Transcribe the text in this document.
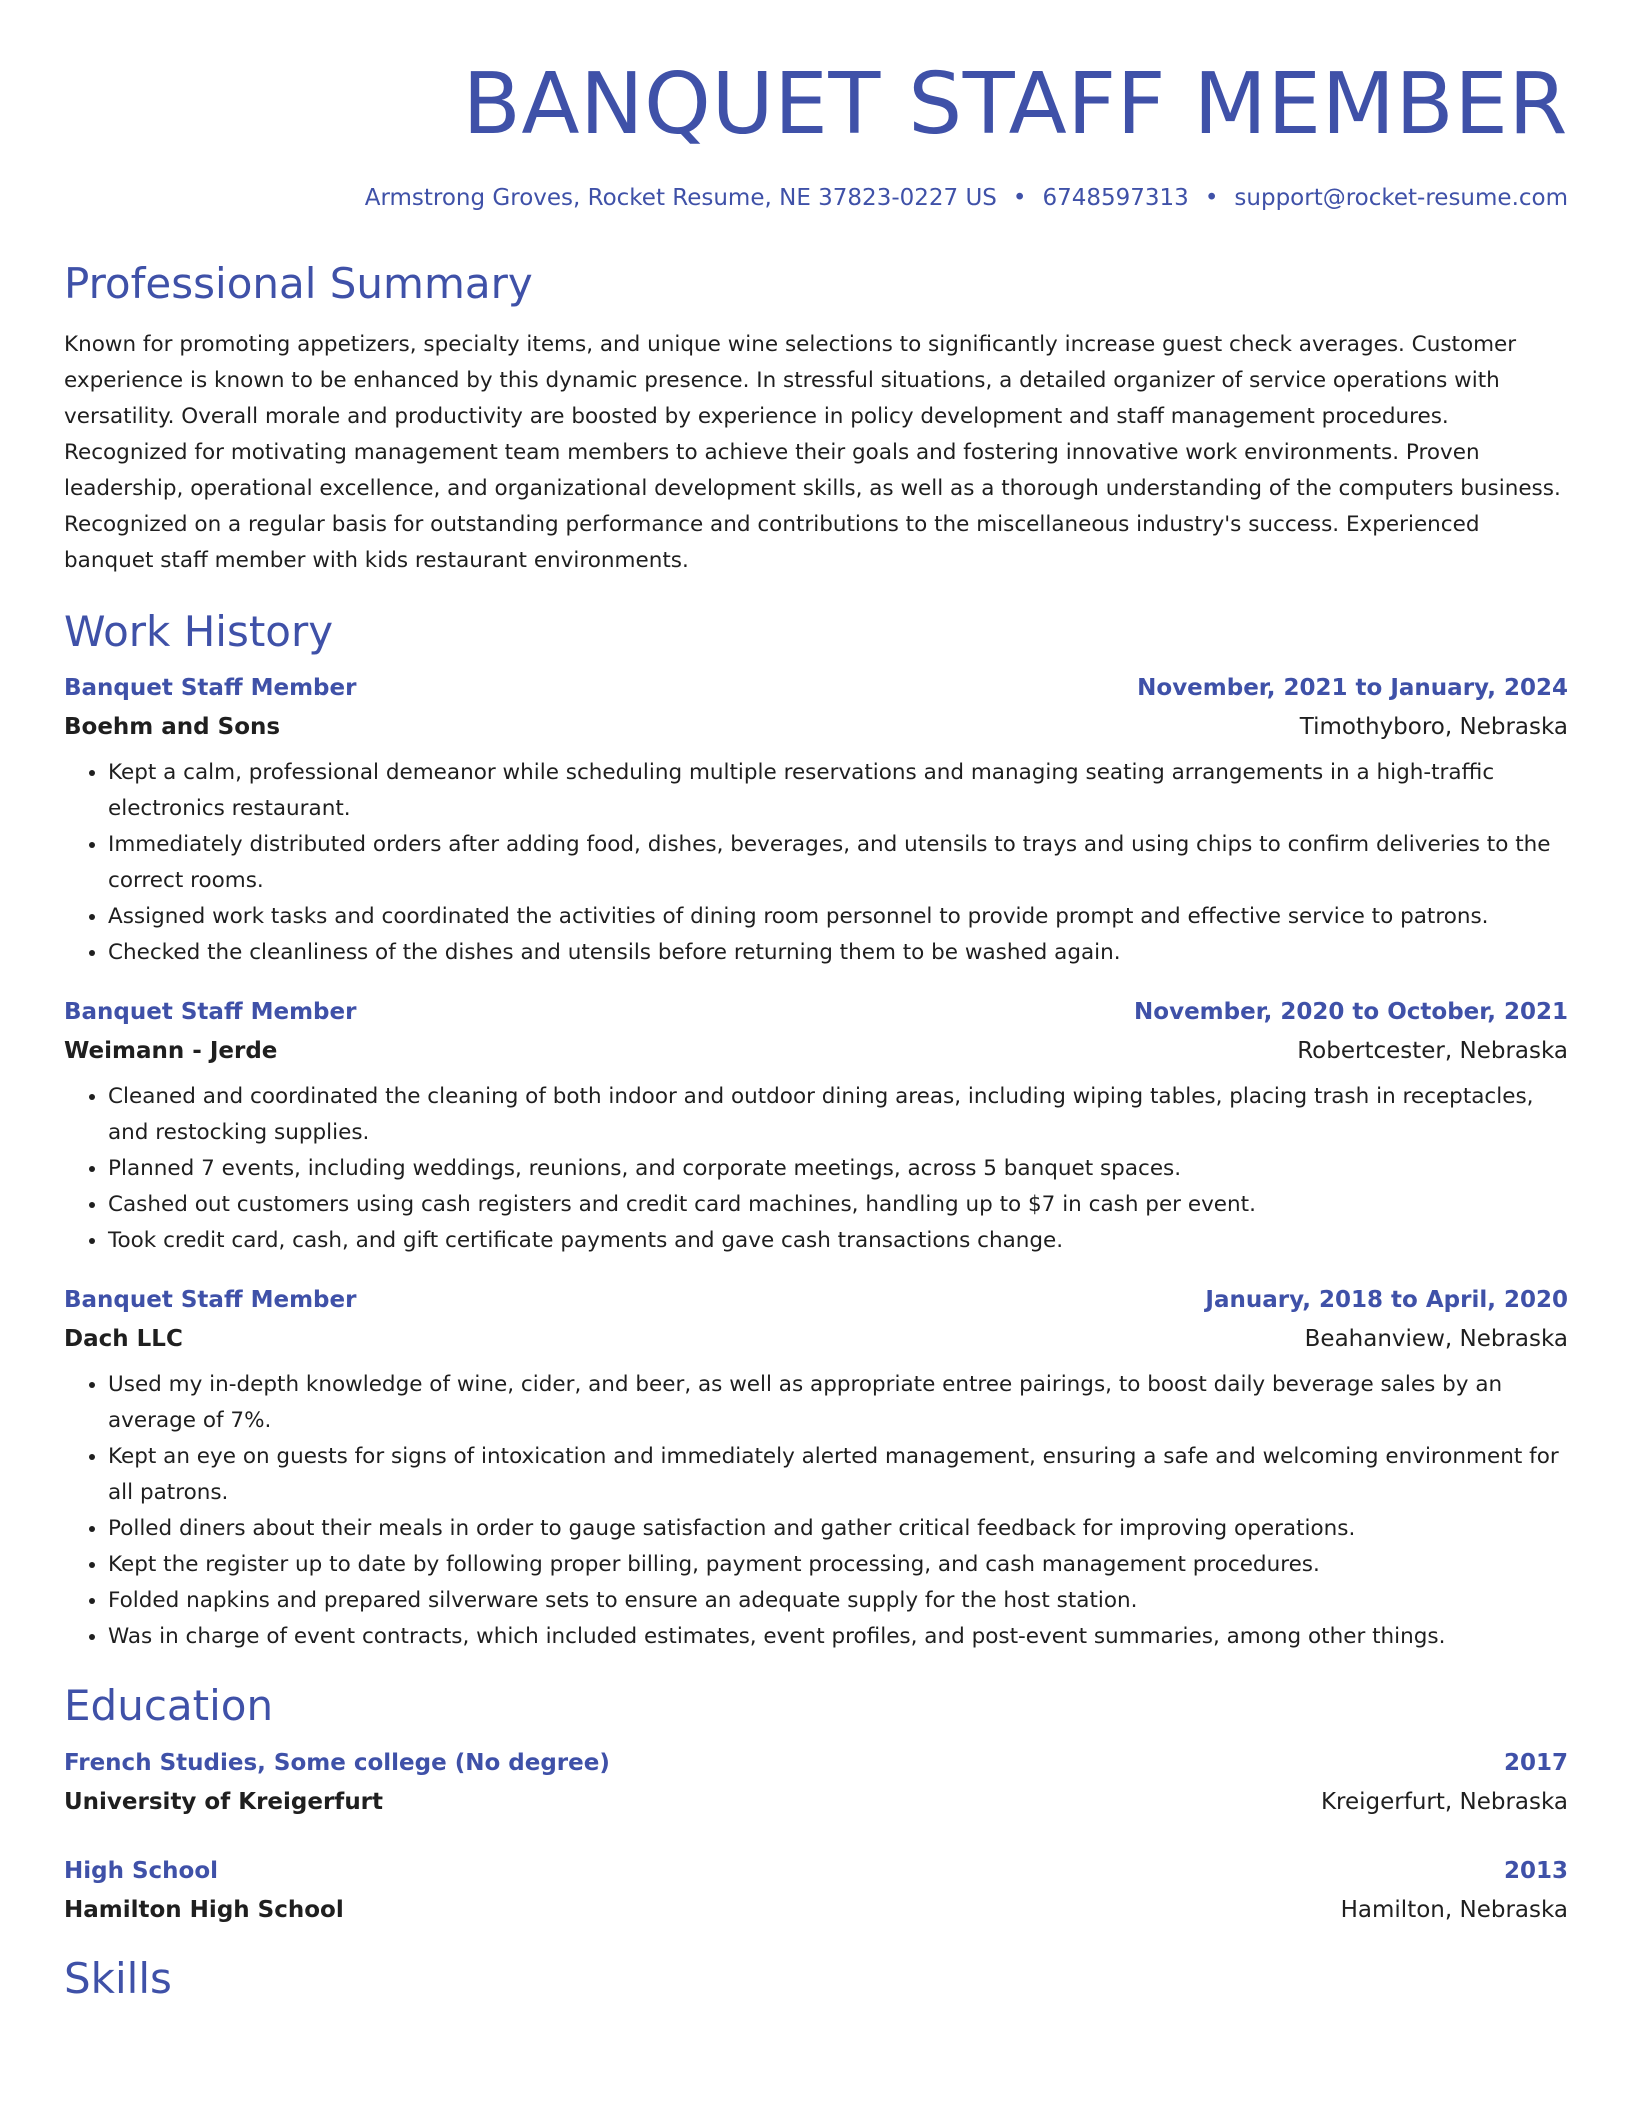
BANQUET STAFF MEMBER
Armstrong Groves, Rocket Resume, NE 37823-0227 US • 6748597313 • support@rocket-resume.com
Professional Summary

Known for promoting appetizers, specialty items, and unique wine selections to significantly increase guest check averages. Customer experience is known to be enhanced by this dynamic presence. In stressful situations, a detailed organizer of service operations with versatility. Overall morale and productivity are boosted by experience in policy development and staff management procedures. Recognized for motivating management team members to achieve their goals and fostering innovative work environments. Proven leadership, operational excellence, and organizational development skills, as well as a thorough understanding of the computers business. Recognized on a regular basis for outstanding performance and contributions to the miscellaneous industry's success. Experienced banquet staff member with kids restaurant environments.

Work History
Banquet Staff Member	November, 2021 to January, 2024
Boehm and Sons	Timothyboro, Nebraska
• Kept a calm, professional demeanor while scheduling multiple reservations and managing seating arrangements in a high-traffic electronics restaurant.
• Immediately distributed orders after adding food, dishes, beverages, and utensils to trays and using chips to confirm deliveries to the correct rooms.
• Assigned work tasks and coordinated the activities of dining room personnel to provide prompt and effective service to patrons.
• Checked the cleanliness of the dishes and utensils before returning them to be washed again.
Banquet Staff Member	November, 2020 to October, 2021
Weimann - Jerde	Robertcester, Nebraska
• Cleaned and coordinated the cleaning of both indoor and outdoor dining areas, including wiping tables, placing trash in receptacles, and restocking supplies.
• Planned 7 events, including weddings, reunions, and corporate meetings, across 5 banquet spaces.
• Cashed out customers using cash registers and credit card machines, handling up to $7 in cash per event.
• Took credit card, cash, and gift certificate payments and gave cash transactions change.
Banquet Staff Member	January, 2018 to April, 2020
Dach LLC	Beahanview, Nebraska
• Used my in-depth knowledge of wine, cider, and beer, as well as appropriate entree pairings, to boost daily beverage sales by an average of 7%.
• Kept an eye on guests for signs of intoxication and immediately alerted management, ensuring a safe and welcoming environment for all patrons.
• Polled diners about their meals in order to gauge satisfaction and gather critical feedback for improving operations.
• Kept the register up to date by following proper billing, payment processing, and cash management procedures.
• Folded napkins and prepared silverware sets to ensure an adequate supply for the host station.
• Was in charge of event contracts, which included estimates, event profiles, and post-event summaries, among other things.
Education
French Studies, Some college (No degree)	2017
University of Kreigerfurt	Kreigerfurt, Nebraska
High School	2013
Hamilton High School	Hamilton, Nebraska
Skills
